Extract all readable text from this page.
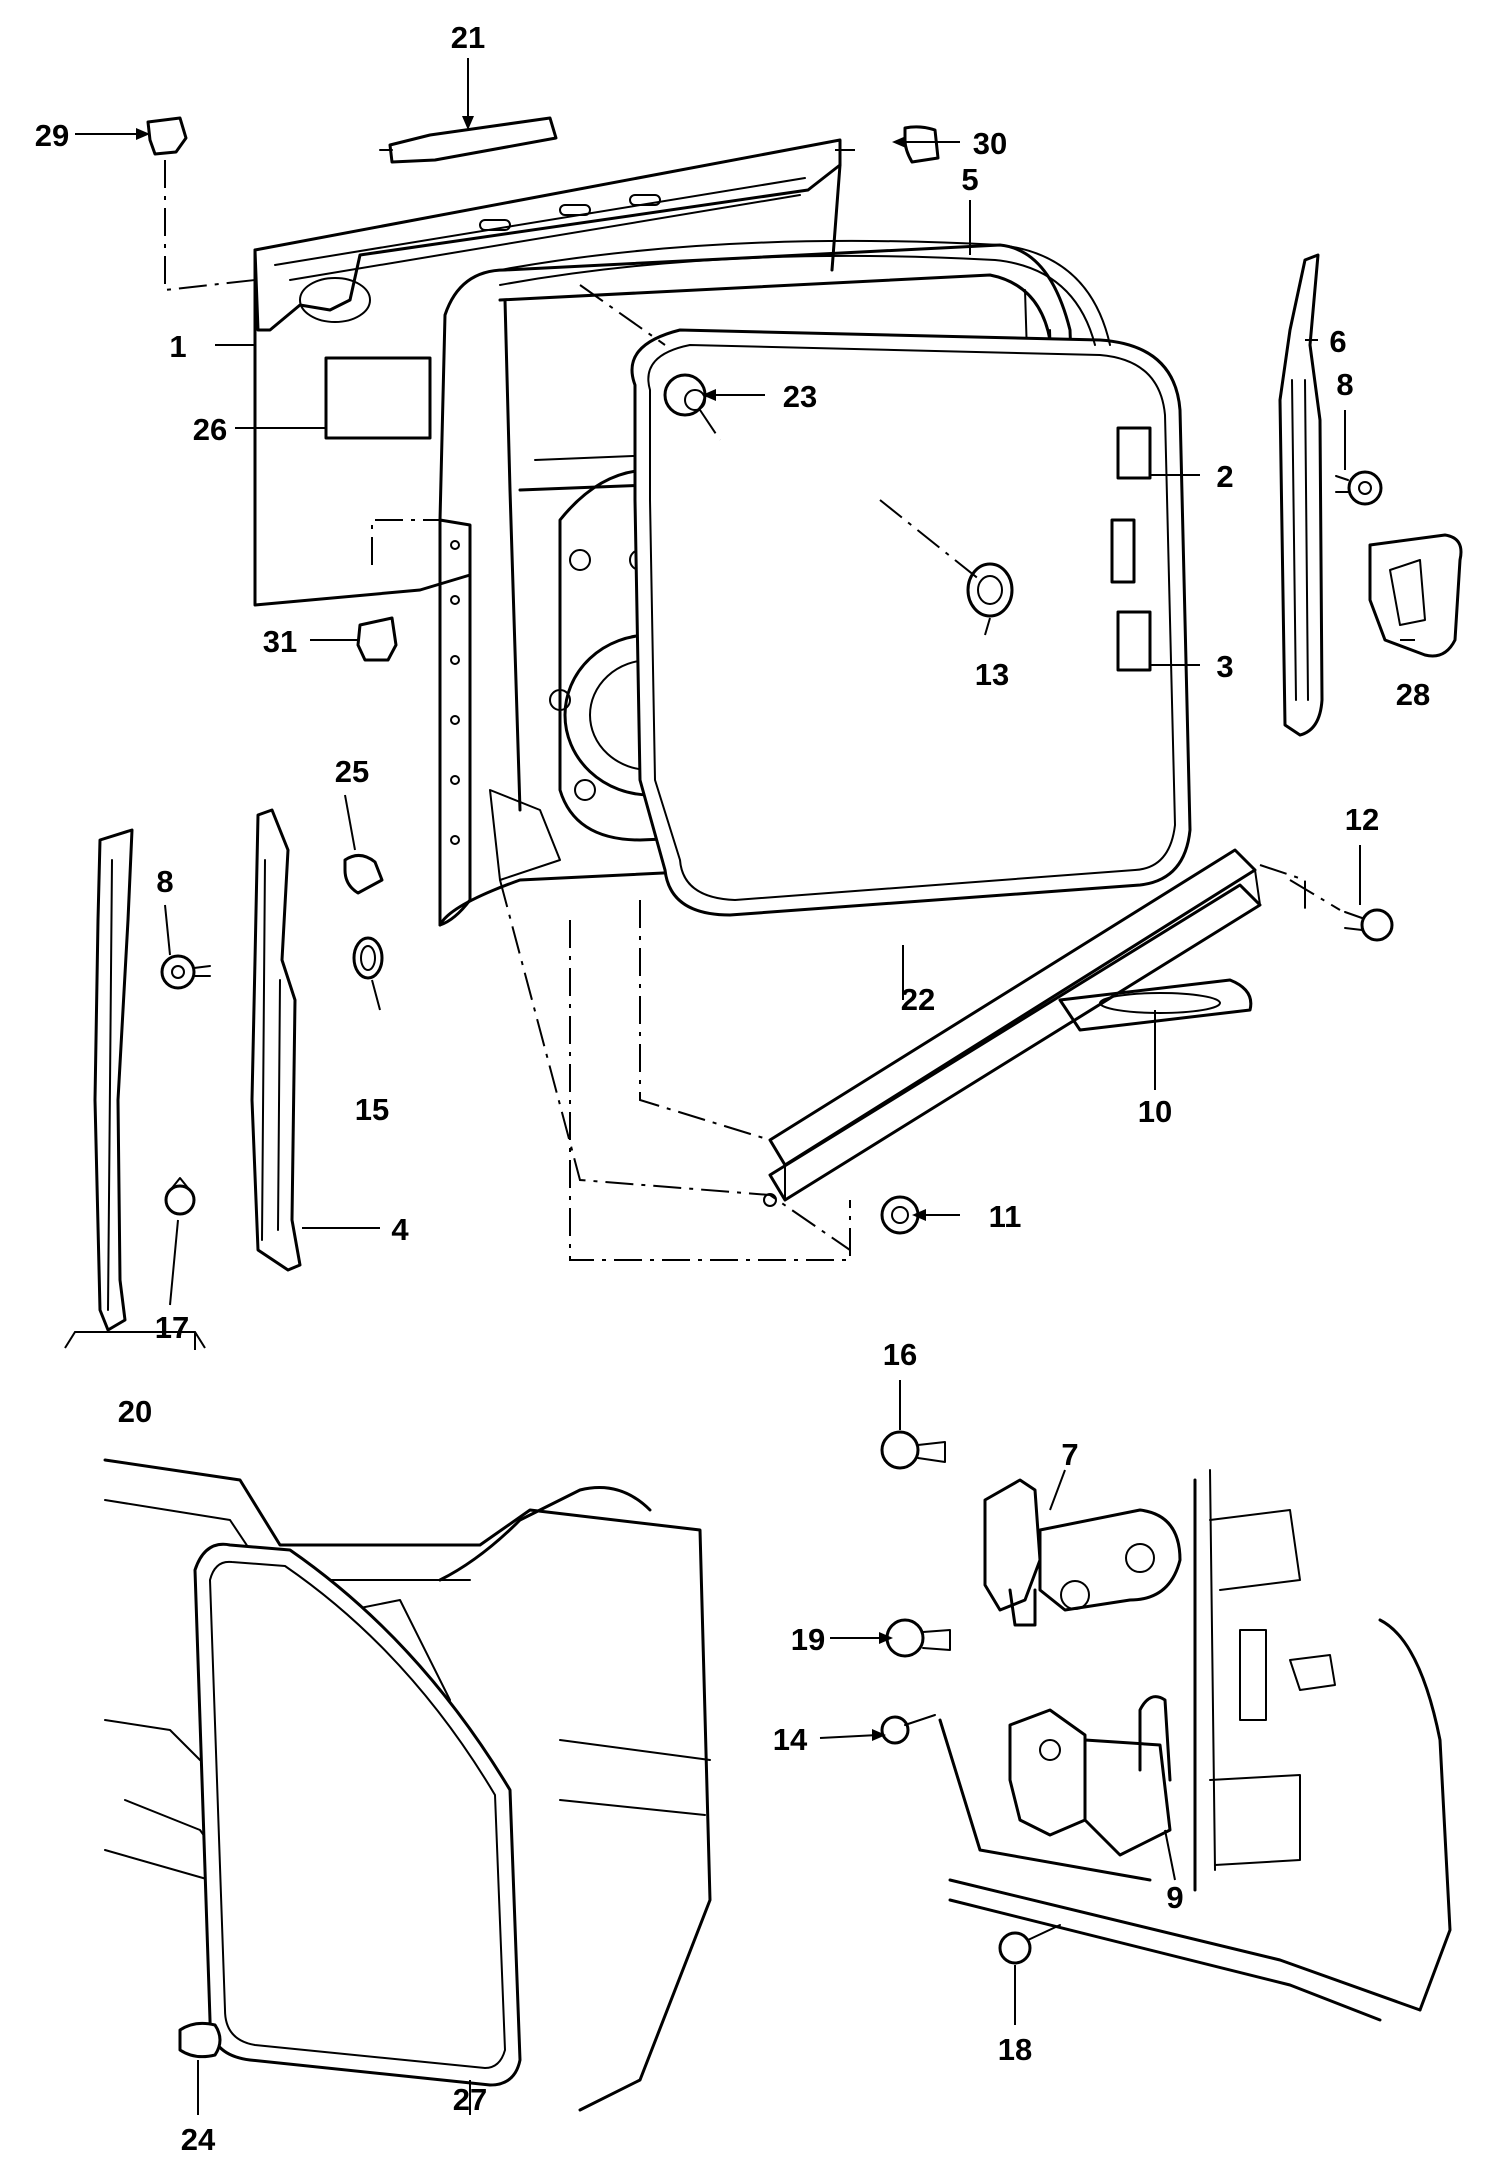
1
2
3
4
5
6
7
8
8
9
10
11
12
13
14
15
16
17
18
19
20
21
22
23
24
25
26
27
28
29	30
31
